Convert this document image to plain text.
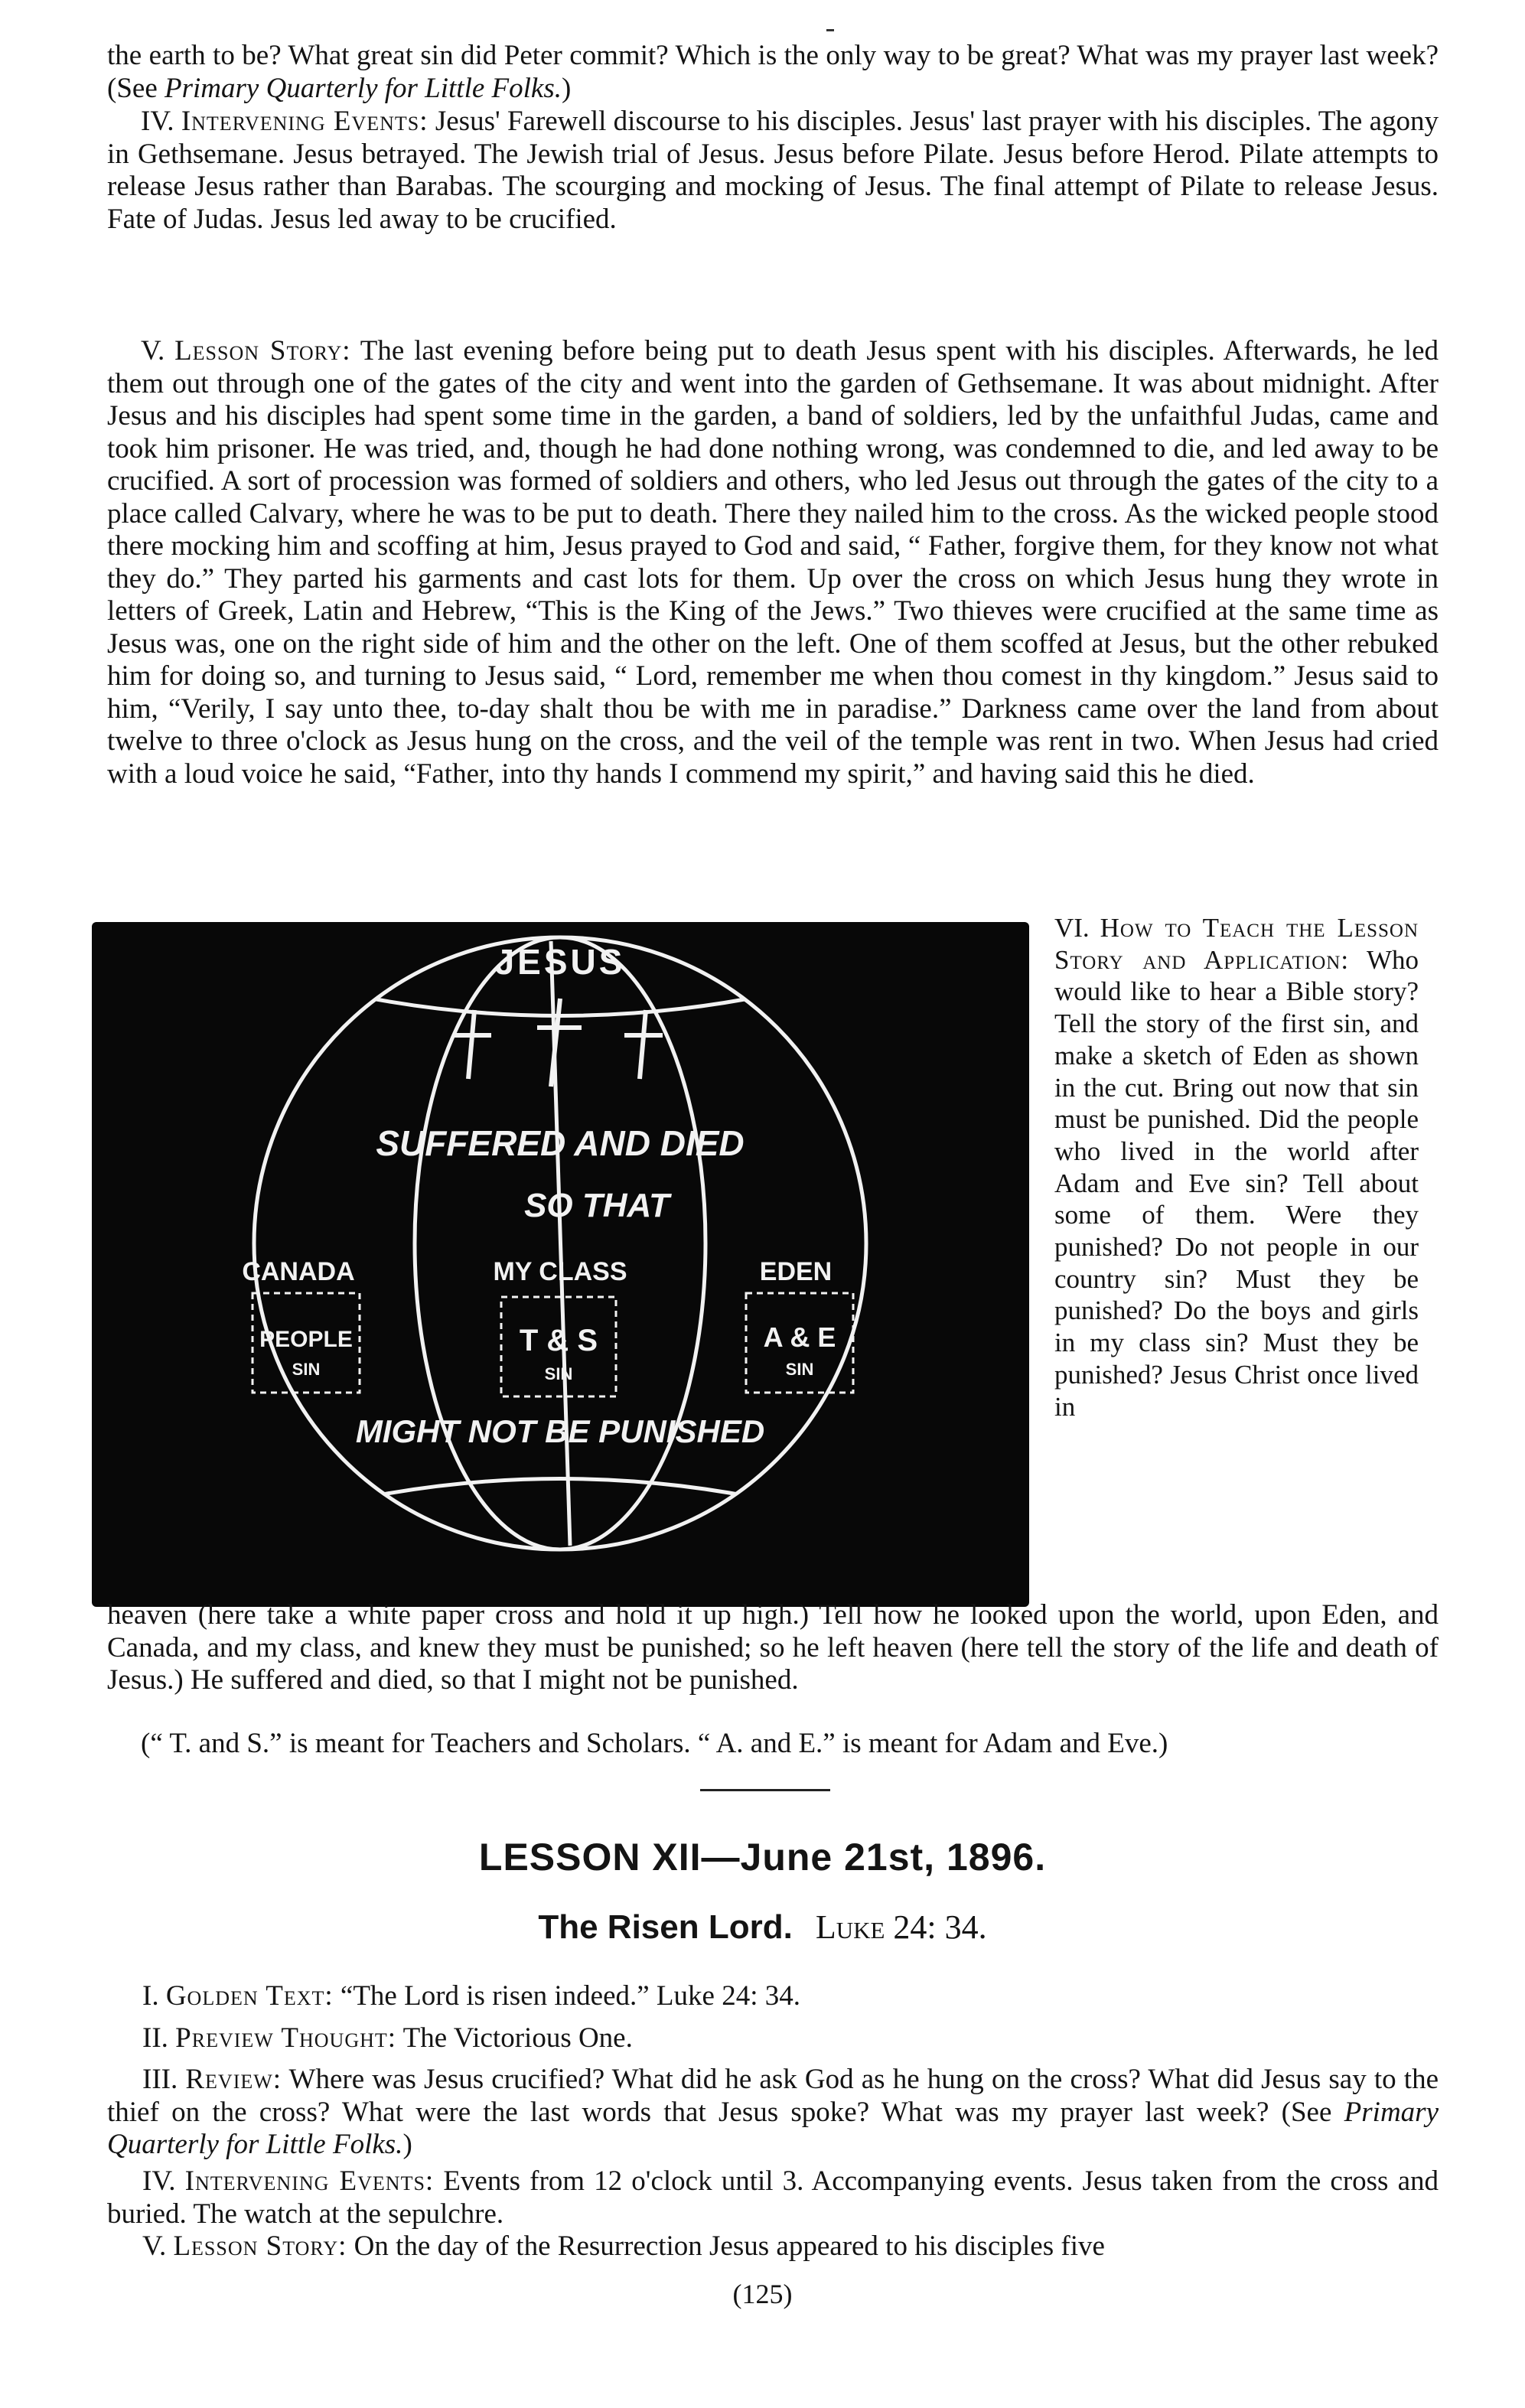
the earth to be? What great sin did Peter commit? Which is the only way to be great? What was my prayer last week? (See Primary Quarterly for Little Folks.)

IV. Intervening Events: Jesus' Farewell discourse to his disciples. Jesus' last prayer with his disciples. The agony in Gethsemane. Jesus betrayed. The Jewish trial of Jesus. Jesus before Pilate. Jesus before Herod. Pilate attempts to release Jesus rather than Barabas. The scourging and mocking of Jesus. The final attempt of Pilate to release Jesus. Fate of Judas. Jesus led away to be crucified.

V. Lesson Story: The last evening before being put to death Jesus spent with his disciples. Afterwards, he led them out through one of the gates of the city and went into the garden of Gethsemane. It was about midnight. After Jesus and his disciples had spent some time in the garden, a band of soldiers, led by the unfaithful Judas, came and took him prisoner. He was tried, and, though he had done nothing wrong, was condemned to die, and led away to be crucified. A sort of procession was formed of soldiers and others, who led Jesus out through the gates of the city to a place called Calvary, where he was to be put to death. There they nailed him to the cross. As the wicked people stood there mocking him and scoffing at him, Jesus prayed to God and said, “ Father, forgive them, for they know not what they do.” They parted his garments and cast lots for them. Up over the cross on which Jesus hung they wrote in letters of Greek, Latin and Hebrew, “This is the King of the Jews.” Two thieves were crucified at the same time as Jesus was, one on the right side of him and the other on the left. One of them scoffed at Jesus, but the other rebuked him for doing so, and turning to Jesus said, “ Lord, remember me when thou comest in thy kingdom.” Jesus said to him, “Verily, I say unto thee, to-day shalt thou be with me in paradise.” Darkness came over the land from about twelve to three o'clock as Jesus hung on the cross, and the veil of the temple was rent in two. When Jesus had cried with a loud voice he said, “Father, into thy hands I commend my spirit,” and having said this he died.

JESUS
SUFFERED AND DIED
SO THAT
CANADA	MY CLASS	EDEN
PEOPLE	T & S	A & E
SIN	SIN	SIN
MIGHT NOT BE PUNISHED

VI. How to Teach the Lesson Story and Application: Who would like to hear a Bible story? Tell the story of the first sin, and make a sketch of Eden as shown in the cut. Bring out now that sin must be punished. Did the people who lived in the world after Adam and Eve sin? Tell about some of them. Were they punished? Do not people in our country sin? Must they be punished? Do the boys and girls in my class sin? Must they be punished? Jesus Christ once lived in

heaven (here take a white paper cross and hold it up high.) Tell how he looked upon the world, upon Eden, and Canada, and my class, and knew they must be punished; so he left heaven (here tell the story of the life and death of Jesus.) He suffered and died, so that I might not be punished.

(“ T. and S.” is meant for Teachers and Scholars. “ A. and E.” is meant for Adam and Eve.)

LESSON XII—June 21st, 1896.

The Risen Lord. Luke 24: 34.

I. Golden Text: “The Lord is risen indeed.” Luke 24: 34.

II. Preview Thought: The Victorious One.

III. Review: Where was Jesus crucified? What did he ask God as he hung on the cross? What did Jesus say to the thief on the cross? What were the last words that Jesus spoke? What was my prayer last week? (See Primary Quarterly for Little Folks.)

IV. Intervening Events: Events from 12 o'clock until 3. Accompanying events. Jesus taken from the cross and buried. The watch at the sepulchre.

V. Lesson Story: On the day of the Resurrection Jesus appeared to his disciples five

(125)
